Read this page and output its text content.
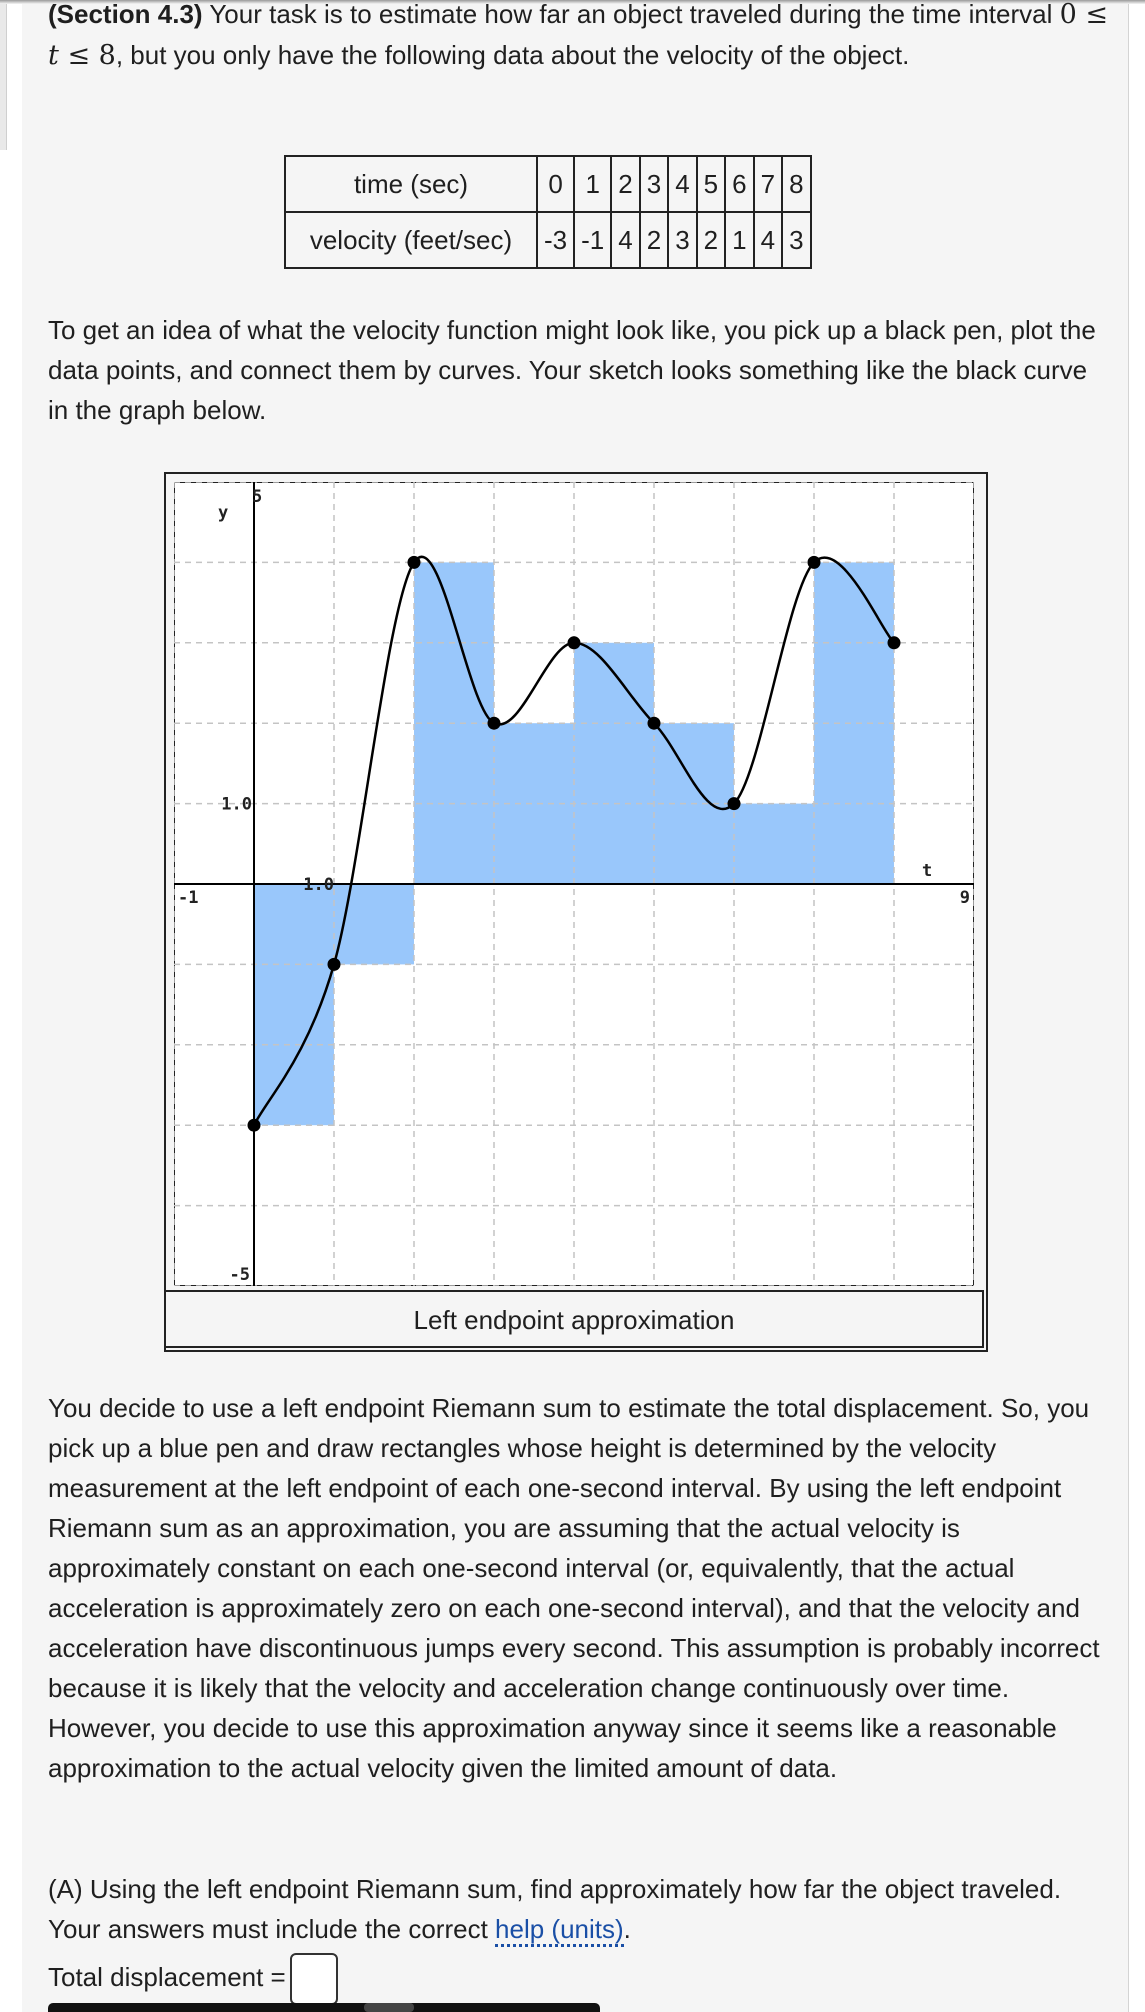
(Section 4.3) Your task is to estimate how far an object traveled during the time interval 0 ≤ t ≤ 8, but you only have the following data about the velocity of the object.

time (sec)	0	1	2	3	4	5	6	7	8
velocity (feet/sec)	-3	-1	4	2	3	2	1	4	3

To get an idea of what the velocity function might look like, you pick up a black pen, plot the data points, and connect them by curves. Your sketch looks something like the black curve in the graph below.

5
-5
1.0
-1	9
1.0
t
y
Left endpoint approximation

You decide to use a left endpoint Riemann sum to estimate the total displacement. So, you pick up a blue pen and draw rectangles whose height is determined by the velocity measurement at the left endpoint of each one-second interval. By using the left endpoint Riemann sum as an approximation, you are assuming that the actual velocity is approximately constant on each one-second interval (or, equivalently, that the actual acceleration is approximately zero on each one-second interval), and that the velocity and acceleration have discontinuous jumps every second. This assumption is probably incorrect because it is likely that the velocity and acceleration change continuously over time. However, you decide to use this approximation anyway since it seems like a reasonable approximation to the actual velocity given the limited amount of data.

(A) Using the left endpoint Riemann sum, find approximately how far the object traveled. Your answers must include the correct help (units).

Total displacement =
